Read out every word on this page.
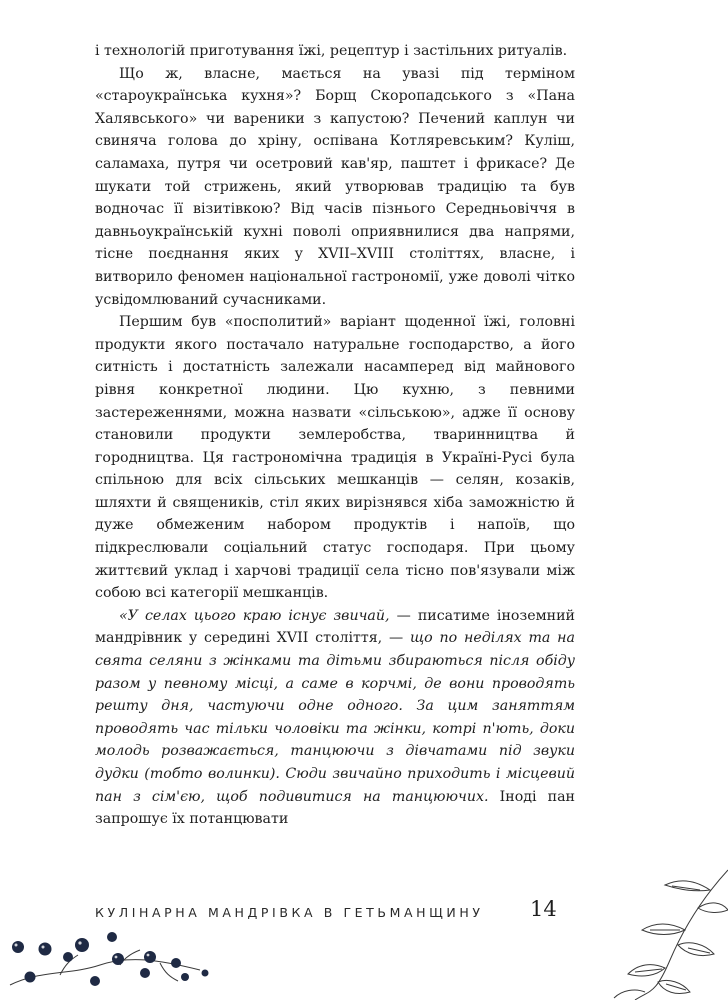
і технологій приготування їжі, рецептур і застільних ритуалів.

Що ж, власне, мається на увазі під терміном «староукраїнська кухня»? Борщ Скоропадського з «Пана Халявського» чи вареники з капустою? Печений каплун чи свиняча голова до хріну, оспівана Котляревським? Куліш, саламаха, путря чи осетровий кав'яр, паштет і фрикасе? Де шукати той стрижень, який утворював традицію та був водночас її візитівкою? Від часів пізнього Середньовіччя в давньоукраїнській кухні поволі оприявнилися два напрями, тісне поєднання яких у XVII–XVIII століттях, власне, і витворило феномен національної гастрономії, уже доволі чітко усвідомлюваний сучасниками.

Першим був «посполитий» варіант щоденної їжі, головні продукти якого постачало натуральне господарство, а його ситність і достатність залежали насамперед від майнового рівня конкретної людини. Цю кухню, з певними застереженнями, можна назвати «сільською», адже її основу становили продукти землеробства, тваринництва й городництва. Ця гастрономічна традиція в Україні-Русі була спільною для всіх сільських мешканців — селян, козаків, шляхти й священиків, стіл яких вирізнявся хіба заможністю й дуже обмеженим набором продуктів і напоїв, що підкреслювали соціальний статус господаря. При цьому життєвий уклад і харчові традиції села тісно пов'язували між собою всі категорії мешканців.

«У селах цього краю існує звичай, — писатиме іноземний мандрівник у середині XVII століття, — що по неділях та на свята селяни з жінками та дітьми збираються після обіду разом у певному місці, а саме в корчмі, де вони проводять решту дня, частуючи одне одного. За цим заняттям проводять час тільки чоловіки та жінки, котрі п'ють, доки молодь розважається, танцюючи з дівчатами під звуки дудки (тобто волинки). Сюди звичайно приходить і місцевий пан з сім'єю, щоб подивитися на танцюючих. Іноді пан запрошує їх потанцювати

КУЛІНАРНА МАНДРІВКА В ГЕТЬМАНЩИНУ 14
